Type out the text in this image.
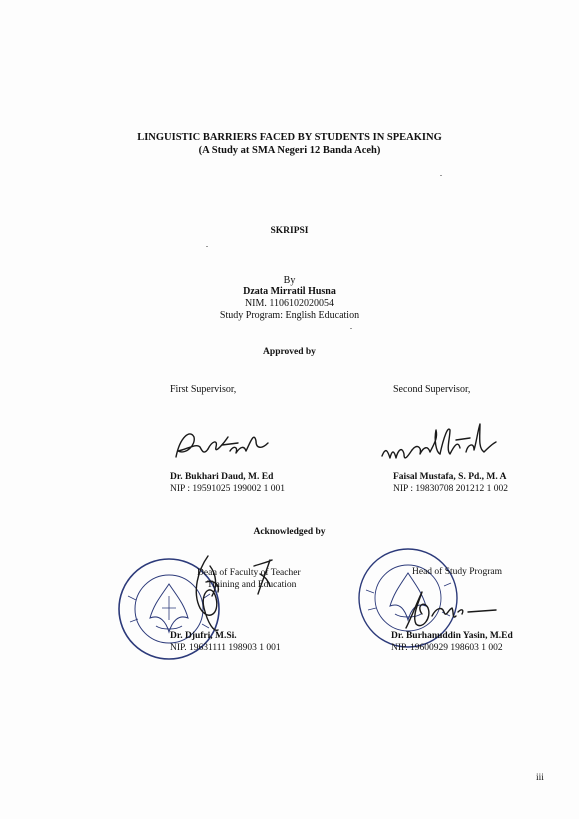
LINGUISTIC BARRIERS FACED BY STUDENTS IN SPEAKING
(A Study at SMA Negeri 12 Banda Aceh)
SKRIPSI
By
Dzata Mirratil Husna
NIM. 1106102020054
Study Program: English Education
Approved by
First Supervisor,
Dr. Bukhari Daud, M. Ed
NIP : 19591025 199002 1 001
Second Supervisor,
Faisal Mustafa, S. Pd., M. A
NIP : 19830708 201212 1 002
Acknowledged by
Dean of Faculty of Teacher
Training and Education
Dr. Djufri, M.Si.
NIP. 19631111 198903 1 001
Head of Study Program
Dr. Burhanuddin Yasin, M.Ed
NIP. 19600929 198603 1 002
iii
